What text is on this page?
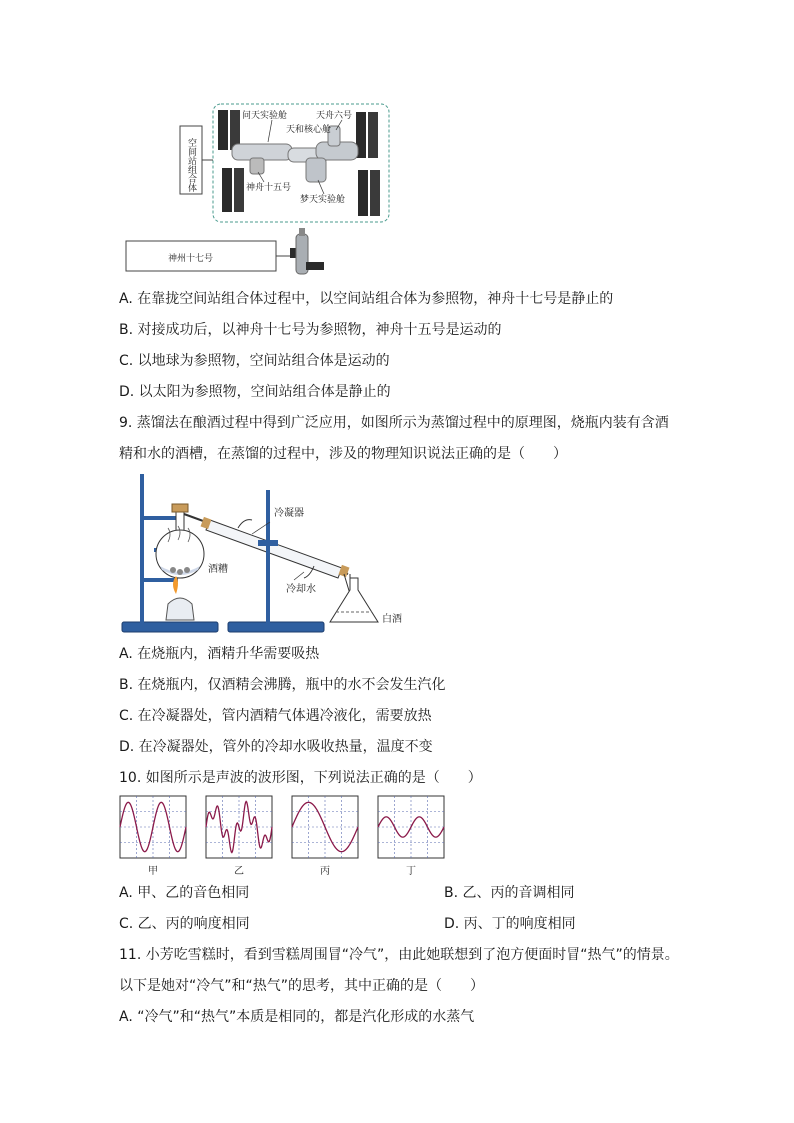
空间站组合体
问天实验舱	天舟六号
天和核心舱
神舟十五号
梦天实验舱
神州十七号
A. 在靠拢空间站组合体过程中，以空间站组合体为参照物，神舟十七号是静止的
B. 对接成功后，以神舟十七号为参照物，神舟十五号是运动的
C. 以地球为参照物，空间站组合体是运动的
D. 以太阳为参照物，空间站组合体是静止的
9. 蒸馏法在酿酒过程中得到广泛应用，如图所示为蒸馏过程中的原理图，烧瓶内装有含酒
精和水的酒槽，在蒸馏的过程中，涉及的物理知识说法正确的是（　　）
冷凝器
酒糟
冷却水
白酒
A. 在烧瓶内，酒精升华需要吸热
B. 在烧瓶内，仅酒精会沸腾，瓶中的水不会发生汽化
C. 在冷凝器处，管内酒精气体遇冷液化，需要放热
D. 在冷凝器处，管外的冷却水吸收热量，温度不变
10. 如图所示是声波的波形图，下列说法正确的是（　　）
甲	乙	丙	丁
A. 甲、乙的音色相同	B. 乙、丙的音调相同
C. 乙、丙的响度相同	D. 丙、丁的响度相同
11. 小芳吃雪糕时，看到雪糕周围冒“冷气”，由此她联想到了泡方便面时冒“热气”的情景。
以下是她对“冷气”和“热气”的思考，其中正确的是（　　）
A. “冷气”和“热气”本质是相同的，都是汽化形成的水蒸气
